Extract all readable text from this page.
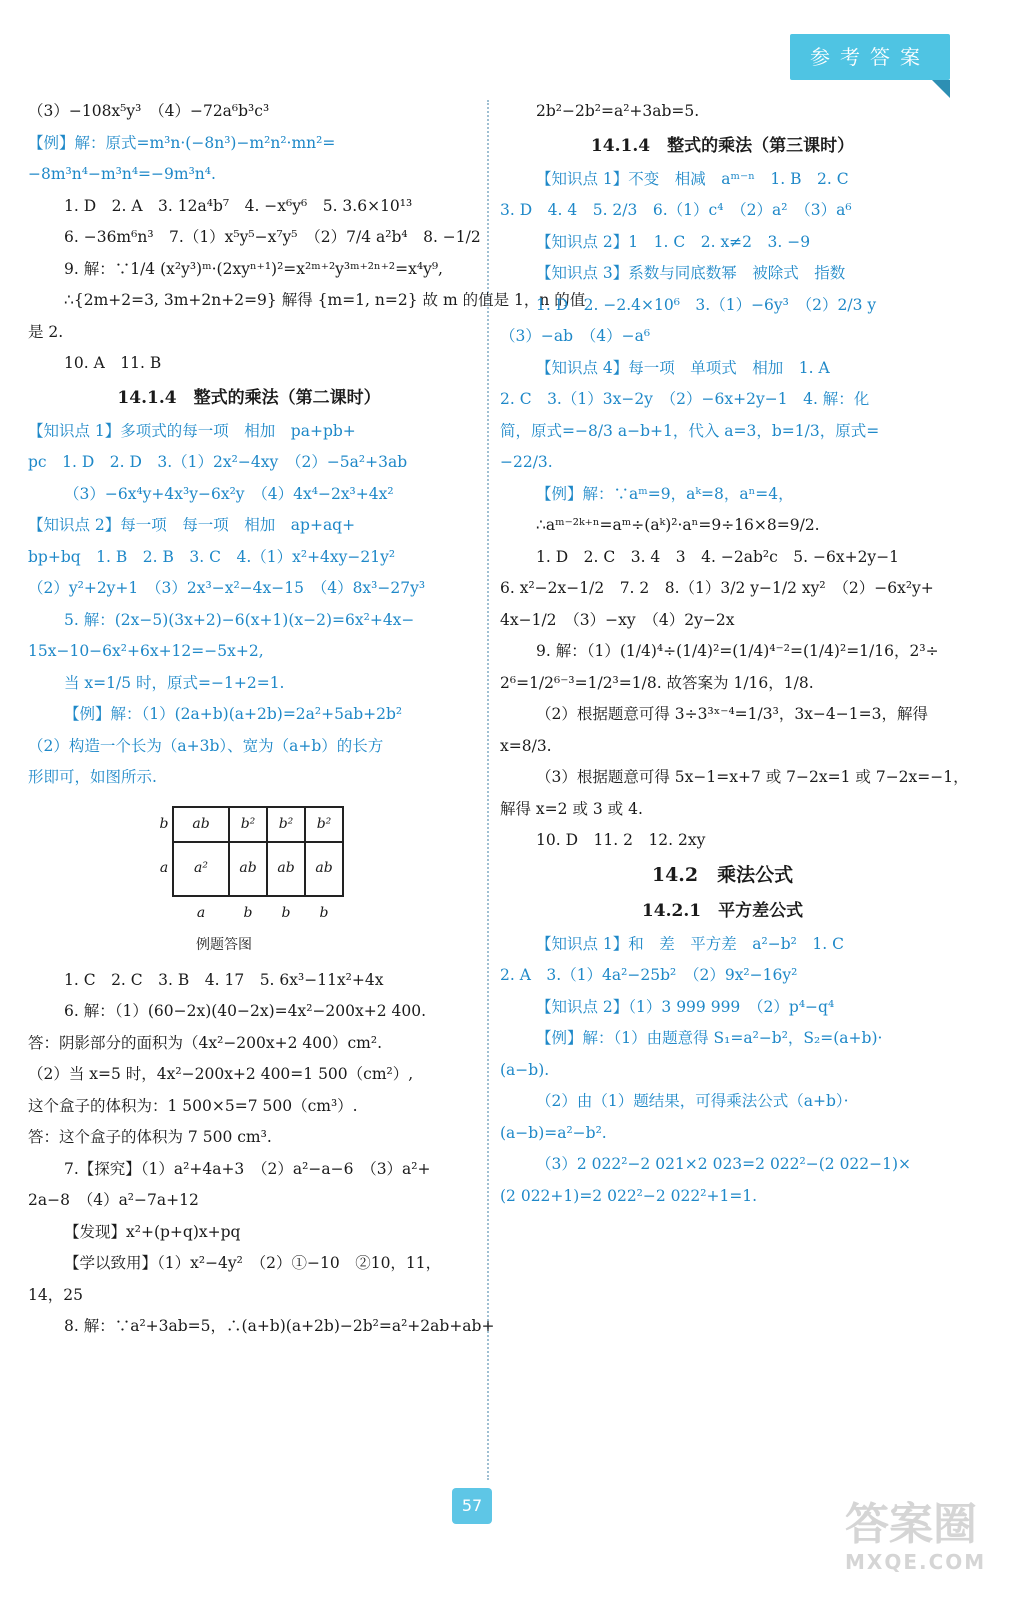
参考答案

（3）−108x⁵y³　（4）−72a⁶b³c³

【例】解：原式=m³n·(−8n³)−m²n²·mn²=

−8m³n⁴−m³n⁴=−9m³n⁴.

1. D　2. A　3. 12a⁴b⁷　4. −x⁶y⁶　5. 3.6×10¹³

6. −36m⁶n³　7.（1）x⁵y⁵−x⁷y⁵　（2）7/4 a²b⁴　8. −1/2

9. 解：∵1/4 (x²y³)ᵐ·(2xyⁿ⁺¹)²=x²ᵐ⁺²y³ᵐ⁺²ⁿ⁺²=x⁴y⁹,

∴{2m+2=3, 3m+2n+2=9} 解得 {m=1, n=2} 故 m 的值是 1，n 的值

是 2.

10. A　11. B

14.1.4　整式的乘法（第二课时）

【知识点 1】多项式的每一项　相加　pa+pb+

pc　1. D　2. D　3.（1）2x²−4xy　（2）−5a²+3ab

（3）−6x⁴y+4x³y−6x²y　（4）4x⁴−2x³+4x²

【知识点 2】每一项　每一项　相加　ap+aq+

bp+bq　1. B　2. B　3. C　4.（1）x²+4xy−21y²

（2）y²+2y+1　（3）2x³−x²−4x−15　（4）8x³−27y³

5. 解：(2x−5)(3x+2)−6(x+1)(x−2)=6x²+4x−

15x−10−6x²+6x+12=−5x+2,

当 x=1/5 时，原式=−1+2=1.

【例】解：（1）(2a+b)(a+2b)=2a²+5ab+2b²

（2）构造一个长为（a+3b）、宽为（a+b）的长方

形即可，如图所示.

b	ab	b²	b²	b²
a	a²	ab	ab	ab
	a	b	b	b
例题答图

1. C　2. C　3. B　4. 17　5. 6x³−11x²+4x

6. 解：（1）(60−2x)(40−2x)=4x²−200x+2 400.

答：阴影部分的面积为（4x²−200x+2 400）cm².

（2）当 x=5 时，4x²−200x+2 400=1 500（cm²）,

这个盒子的体积为：1 500×5=7 500（cm³）.

答：这个盒子的体积为 7 500 cm³.

7.【探究】（1）a²+4a+3　（2）a²−a−6　（3）a²+

2a−8　（4）a²−7a+12

【发现】x²+(p+q)x+pq

【学以致用】（1）x²−4y²　（2）①−10　②10，11，

14，25

8. 解：∵a²+3ab=5，∴(a+b)(a+2b)−2b²=a²+2ab+ab+

2b²−2b²=a²+3ab=5.

14.1.4　整式的乘法（第三课时）

【知识点 1】不变　相减　aᵐ⁻ⁿ　1. B　2. C

3. D　4. 4　5. 2/3　6.（1）c⁴　（2）a²　（3）a⁶

【知识点 2】1　1. C　2. x≠2　3. −9

【知识点 3】系数与同底数幂　被除式　指数

1. D　2. −2.4×10⁶　3.（1）−6y³　（2）2/3 y

（3）−ab　（4）−a⁶

【知识点 4】每一项　单项式　相加　1. A

2. C　3.（1）3x−2y　（2）−6x+2y−1　4. 解：化

简，原式=−8/3 a−b+1，代入 a=3，b=1/3，原式=

−22/3.

【例】解：∵aᵐ=9，aᵏ=8，aⁿ=4，

∴aᵐ⁻²ᵏ⁺ⁿ=aᵐ÷(aᵏ)²·aⁿ=9÷16×8=9/2.

1. D　2. C　3. 4　3　4. −2ab²c　5. −6x+2y−1

6. x²−2x−1/2　7. 2　8.（1）3/2 y−1/2 xy²　（2）−6x²y+

4x−1/2　（3）−xy　（4）2y−2x

9. 解：（1）(1/4)⁴÷(1/4)²=(1/4)⁴⁻²=(1/4)²=1/16，2³÷

2⁶=1/2⁶⁻³=1/2³=1/8. 故答案为 1/16，1/8.

（2）根据题意可得 3÷3³ˣ⁻⁴=1/3³，3x−4−1=3，解得

x=8/3.

（3）根据题意可得 5x−1=x+7 或 7−2x=1 或 7−2x=−1，

解得 x=2 或 3 或 4.

10. D　11. 2　12. 2xy

14.2　乘法公式

14.2.1　平方差公式

【知识点 1】和　差　平方差　a²−b²　1. C

2. A　3.（1）4a²−25b²　（2）9x²−16y²

【知识点 2】（1）3 999 999　（2）p⁴−q⁴

【例】解：（1）由题意得 S₁=a²−b²，S₂=(a+b)·

(a−b).

（2）由（1）题结果，可得乘法公式（a+b）·

(a−b)=a²−b².

（3）2 022²−2 021×2 023=2 022²−(2 022−1)×

(2 022+1)=2 022²−2 022²+1=1.

57	答案圈
MXQE.COM
